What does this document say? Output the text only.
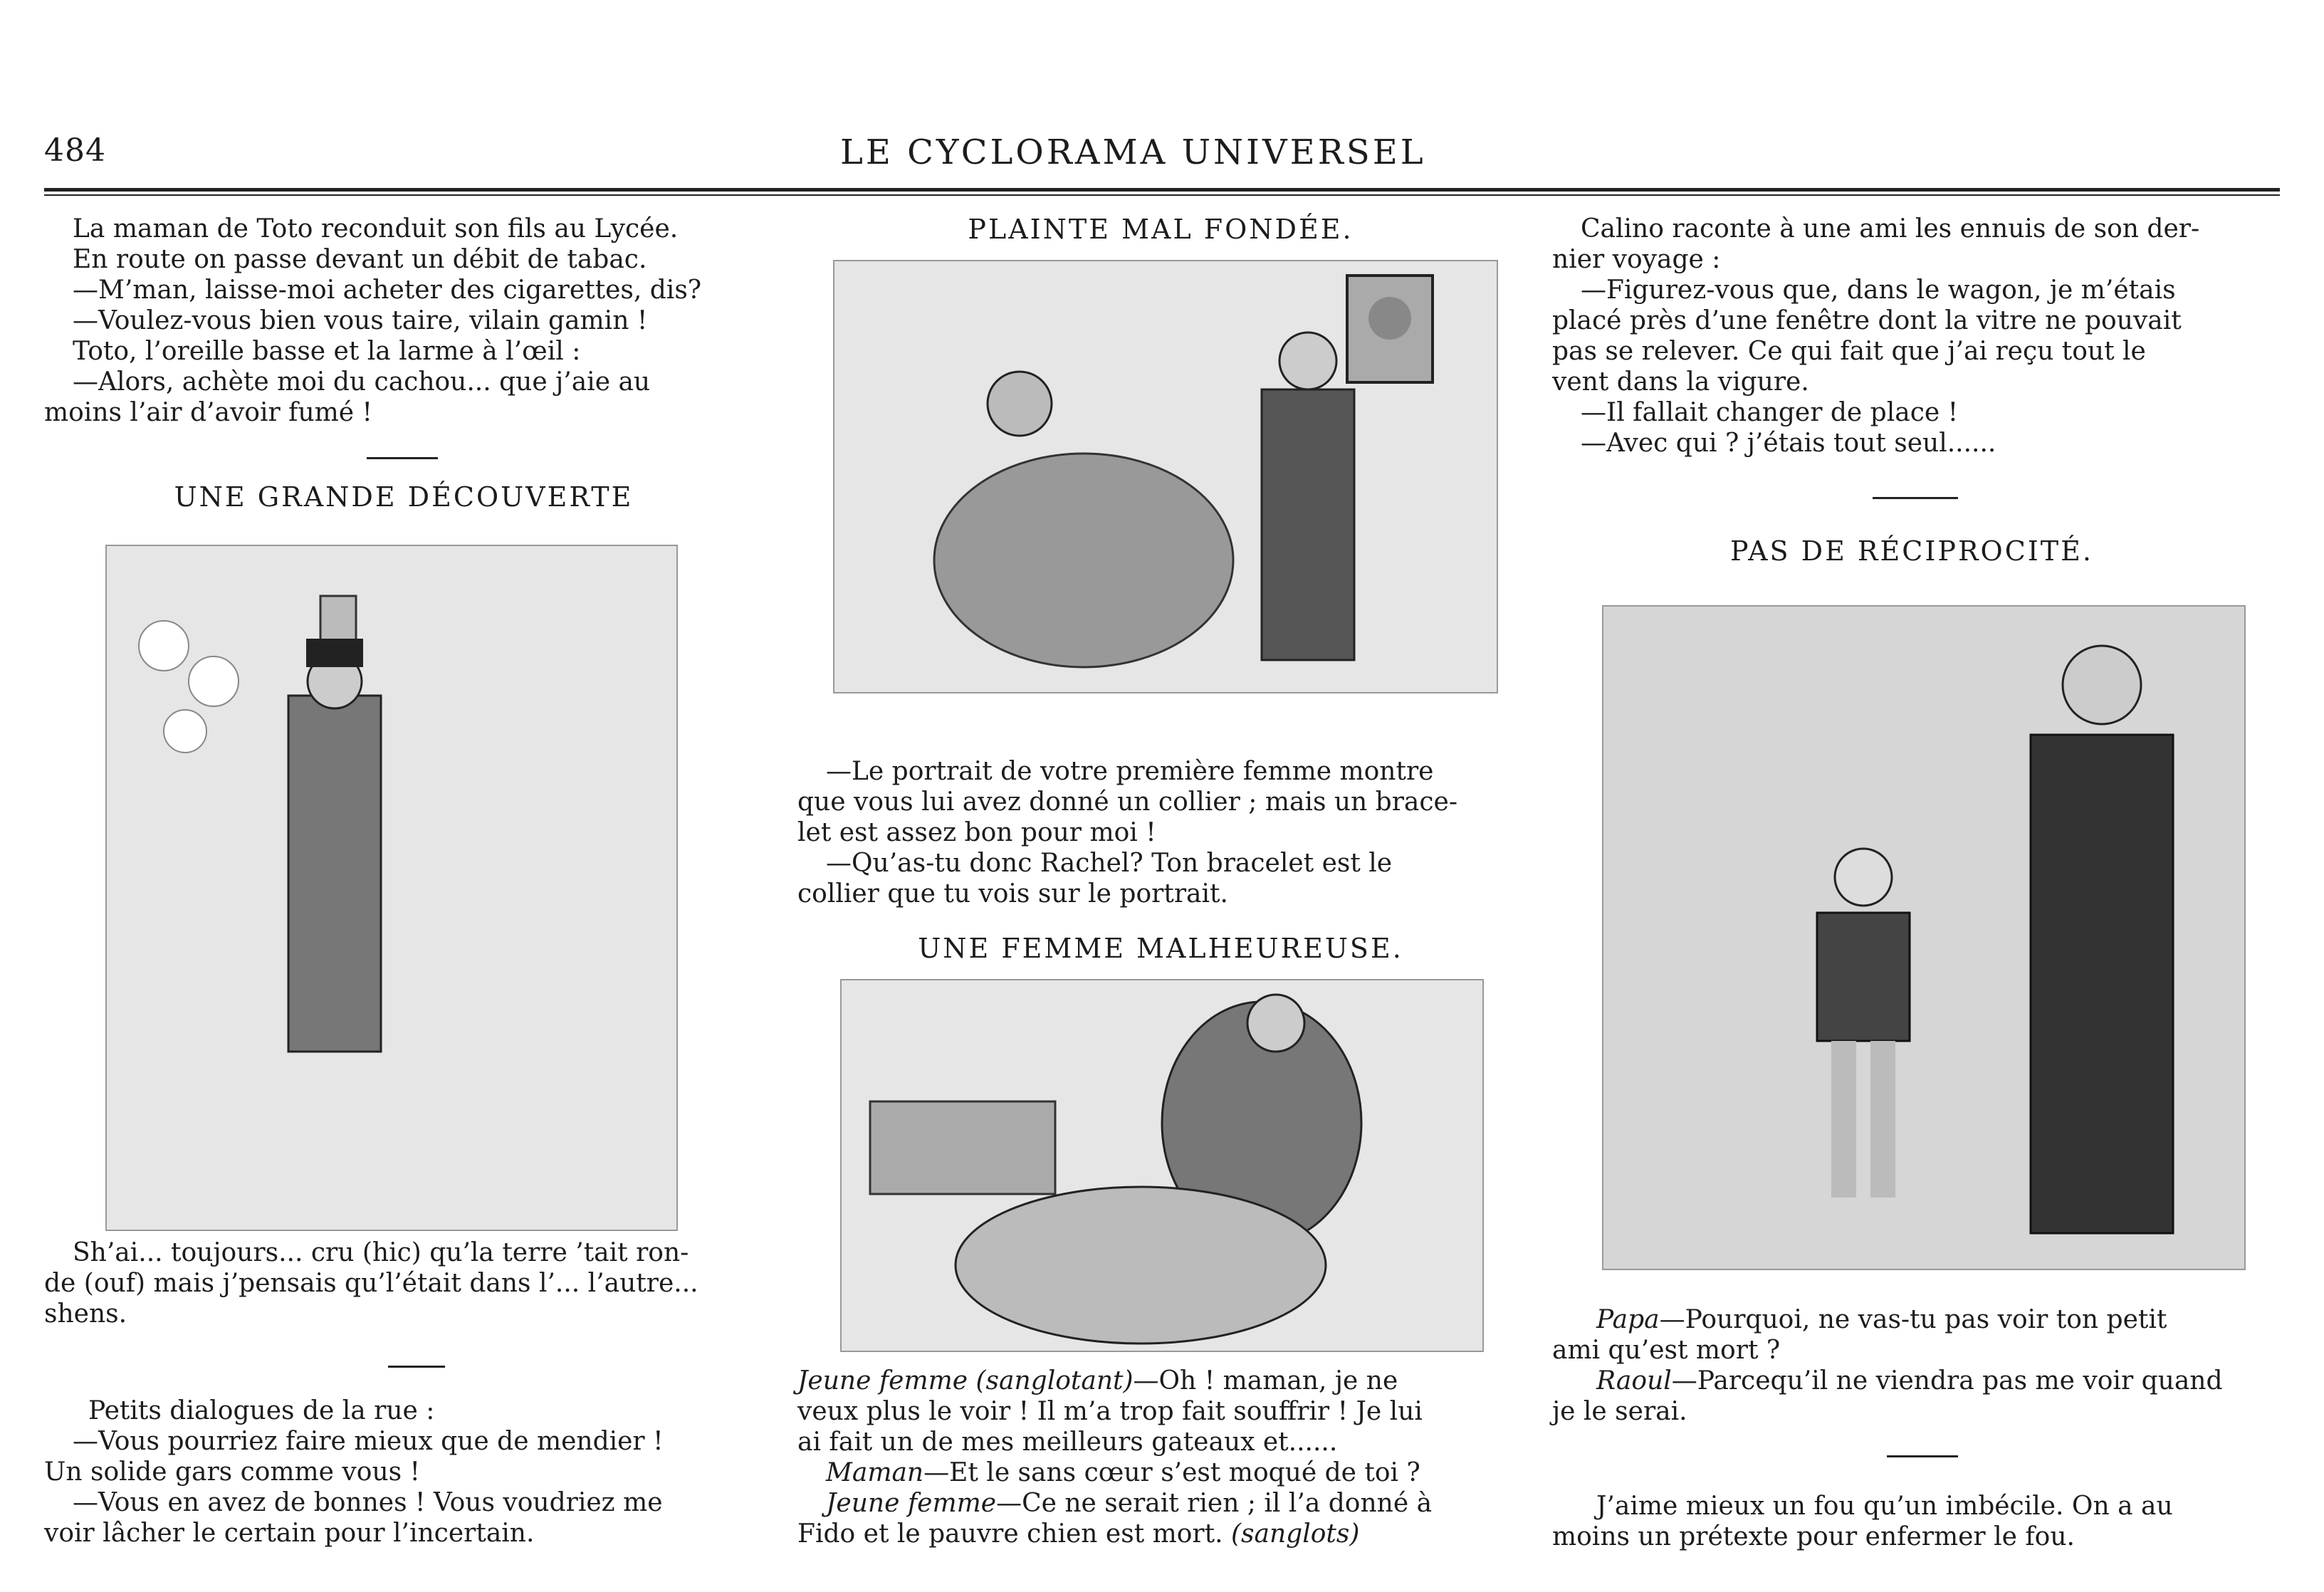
484	LE CYCLORAMA UNIVERSEL

La maman de Toto reconduit son fils au Lycée.

En route on passe devant un débit de tabac.

—M’man, laisse-moi acheter des cigarettes, dis?

—Voulez-vous bien vous taire, vilain gamin !

Toto, l’oreille basse et la larme à l’œil :

—Alors, achète moi du cachou... que j’aie au

moins l’air d’avoir fumé !

UNE GRANDE DÉCOUVERTE

Sh’ai... toujours... cru (hic) qu’la terre ’tait ron-

de (ouf) mais j’pensais qu’l’était dans l’... l’autre...

shens.

Petits dialogues de la rue :

—Vous pourriez faire mieux que de mendier !

Un solide gars comme vous !

—Vous en avez de bonnes ! Vous voudriez me

voir lâcher le certain pour l’incertain.

PLAINTE MAL FONDÉE.

—Le portrait de votre première femme montre

que vous lui avez donné un collier ; mais un brace-

let est assez bon pour moi !

—Qu’as-tu donc Rachel? Ton bracelet est le

collier que tu vois sur le portrait.

UNE FEMME MALHEUREUSE.

Jeune femme (sanglotant)—Oh ! maman, je ne

veux plus le voir ! Il m’a trop fait souffrir ! Je lui

ai fait un de mes meilleurs gateaux et......

Maman—Et le sans cœur s’est moqué de toi ?

Jeune femme—Ce ne serait rien ; il l’a donné à

Fido et le pauvre chien est mort. (sanglots)

Calino raconte à une ami les ennuis de son der-

nier voyage :

—Figurez-vous que, dans le wagon, je m’étais

placé près d’une fenêtre dont la vitre ne pouvait

pas se relever. Ce qui fait que j’ai reçu tout le

vent dans la vigure.

—Il fallait changer de place !

—Avec qui ? j’étais tout seul......

PAS DE RÉCIPROCITÉ.

Papa—Pourquoi, ne vas-tu pas voir ton petit

ami qu’est mort ?

Raoul—Parcequ’il ne viendra pas me voir quand

je le serai.

J’aime mieux un fou qu’un imbécile. On a au

moins un prétexte pour enfermer le fou.
